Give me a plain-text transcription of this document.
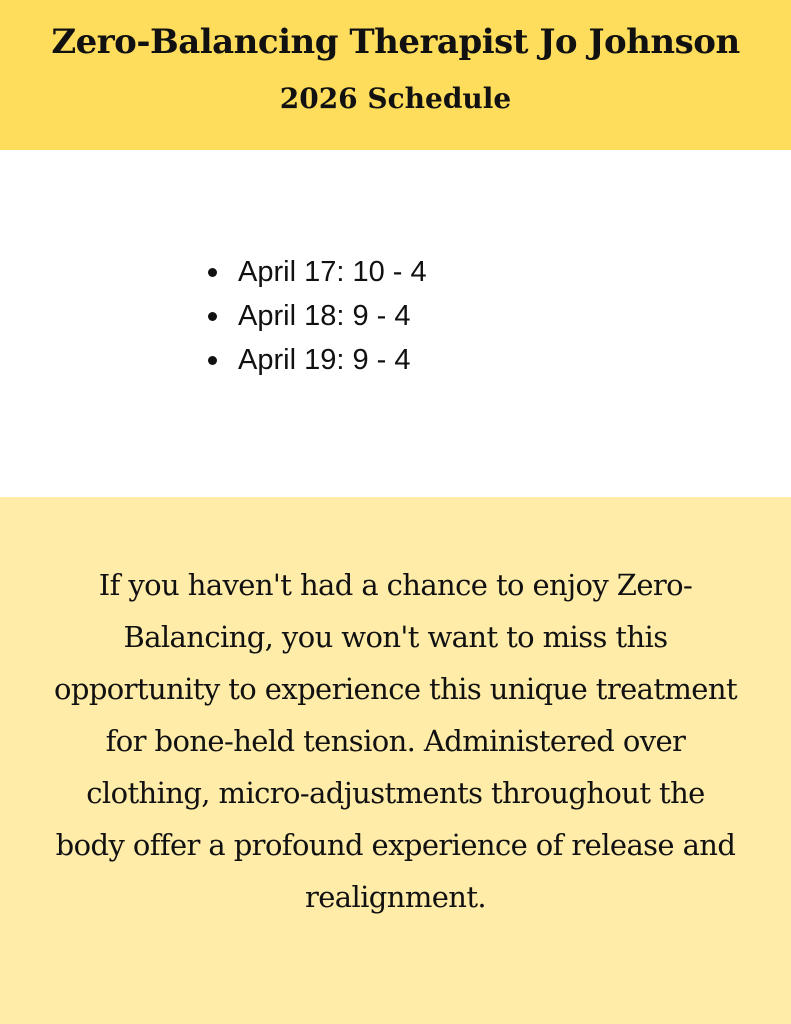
Zero-Balancing Therapist Jo Johnson
2026 Schedule
April 17: 10 - 4
April 18: 9 - 4
April 19: 9 - 4

If you haven't had a chance to enjoy Zero-Balancing, you won't want to miss this opportunity to experience this unique treatment for bone-held tension. Administered over clothing, micro-adjustments throughout the body offer a profound experience of release and realignment.
